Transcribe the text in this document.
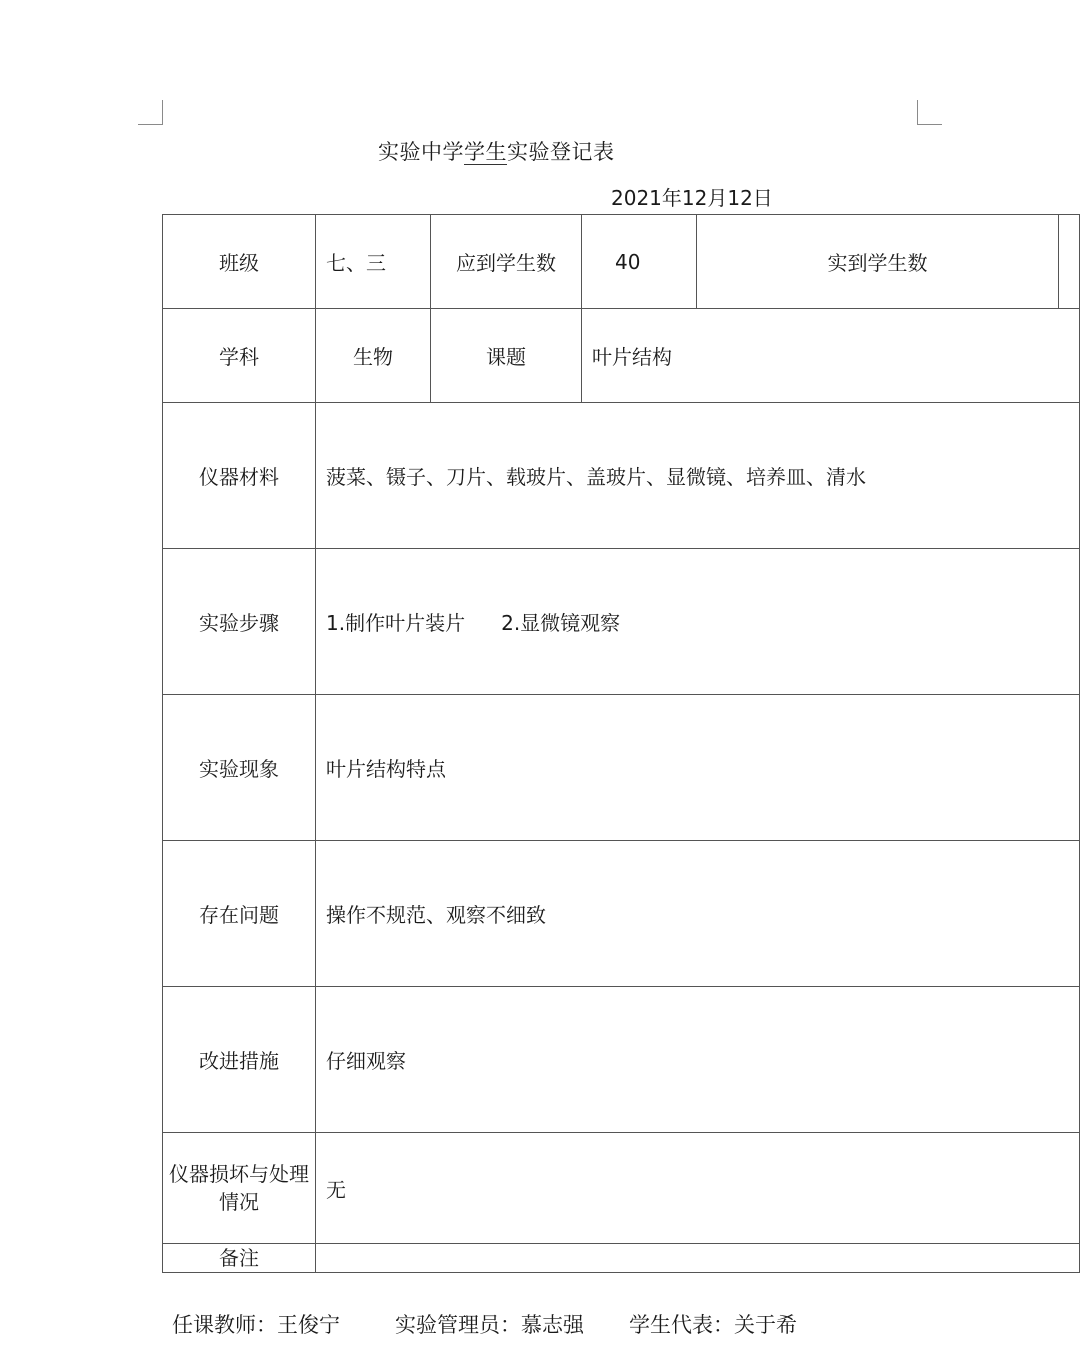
实验中学学生实验登记表
2021年12月12日
班级	七、三	应到学生数	40	实到学生数	
学科	生物	课题	叶片结构		
仪器材料	菠菜、镊子、刀片、载玻片、盖玻片、显微镜、培养皿、清水				
实验步骤	1.制作叶片装片 2.显微镜观察				
实验现象	叶片结构特点				
存在问题	操作不规范、观察不细致				
改进措施	仔细观察				
仪器损坏与处理情况	无				
备注					
任课教师：王俊宁	实验管理员：慕志强 学生代表：关于希
